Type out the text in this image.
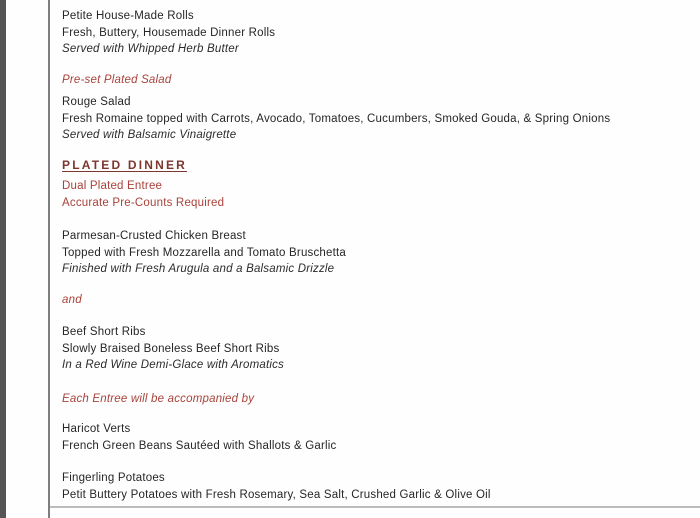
Petite House-Made Rolls
Fresh, Buttery, Housemade Dinner Rolls
Served with Whipped Herb Butter
Pre-set Plated Salad
Rouge Salad
Fresh Romaine topped with Carrots, Avocado, Tomatoes, Cucumbers, Smoked Gouda, & Spring Onions
Served with Balsamic Vinaigrette
PLATED DINNER
Dual Plated Entree
Accurate Pre-Counts Required
Parmesan-Crusted Chicken Breast
Topped with Fresh Mozzarella and Tomato Bruschetta
Finished with Fresh Arugula and a Balsamic Drizzle
and
Beef Short Ribs
Slowly Braised Boneless Beef Short Ribs
In a Red Wine Demi-Glace with Aromatics
Each Entree will be accompanied by
Haricot Verts
French Green Beans Sautéed with Shallots & Garlic
Fingerling Potatoes
Petit Buttery Potatoes with Fresh Rosemary, Sea Salt, Crushed Garlic & Olive Oil
